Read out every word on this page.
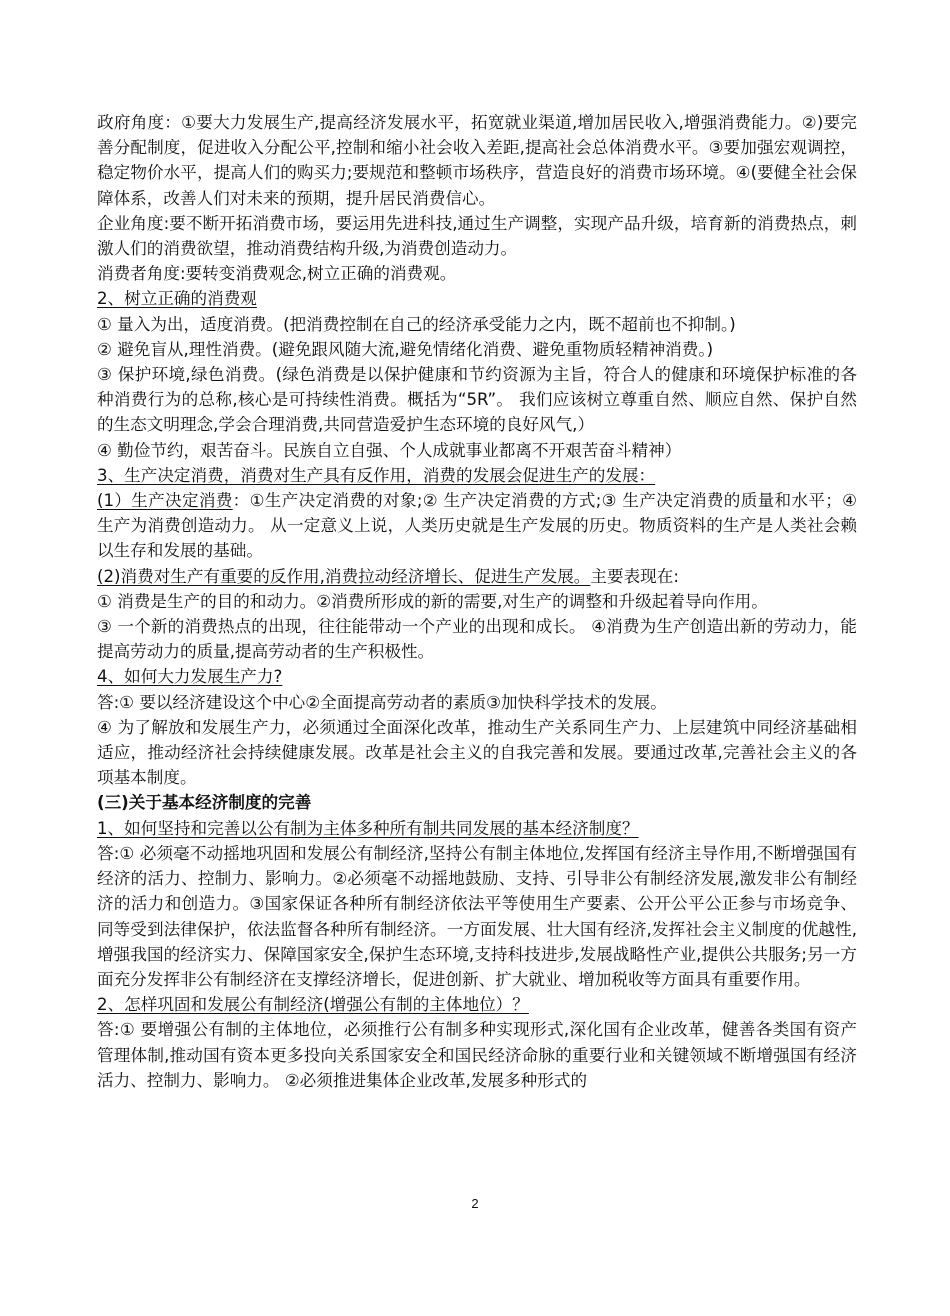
政府角度：①要大力发展生产,提高经济发展水平，拓宽就业渠道,增加居民收入,增强消费能力。②)要完善分配制度，促进收入分配公平,控制和缩小社会收入差距,提高社会总体消费水平。③要加强宏观调控，稳定物价水平，提高人们的购买力;要规范和整顿市场秩序，营造良好的消费市场环境。④(要健全社会保障体系，改善人们对未来的预期，提升居民消费信心。

企业角度:要不断开拓消费市场，要运用先进科技,通过生产调整，实现产品升级，培育新的消费热点，刺激人们的消费欲望，推动消费结构升级,为消费创造动力。

消费者角度:要转变消费观念,树立正确的消费观。

2、树立正确的消费观

① 量入为出，适度消费。(把消费控制在自己的经济承受能力之内，既不超前也不抑制。)

② 避免盲从,理性消费。(避免跟风随大流,避免情绪化消费、避免重物质轻精神消费。)

③ 保护环境,绿色消费。(绿色消费是以保护健康和节约资源为主旨，符合人的健康和环境保护标准的各种消费行为的总称,核心是可持续性消费。概括为“5R”。 我们应该树立尊重自然、顺应自然、保护自然的生态文明理念,学会合理消费,共同营造爱护生态环境的良好风气,）

④ 勤俭节约，艰苦奋斗。民族自立自强、个人成就事业都离不开艰苦奋斗精神）

3、生产决定消费，消费对生产具有反作用，消费的发展会促进生产的发展：

(1）生产决定消费：①生产决定消费的对象;② 生产决定消费的方式;③ 生产决定消费的质量和水平；④生产为消费创造动力。 从一定意义上说，人类历史就是生产发展的历史。物质资料的生产是人类社会赖以生存和发展的基础。

(2)消费对生产有重要的反作用,消费拉动经济增长、促进生产发展。主要表现在:

① 消费是生产的目的和动力。②消费所形成的新的需要,对生产的调整和升级起着导向作用。

③ 一个新的消费热点的出现，往往能带动一个产业的出现和成长。 ④消费为生产创造出新的劳动力，能提高劳动力的质量,提高劳动者的生产积极性。

4、如何大力发展生产力?

答:① 要以经济建设这个中心②全面提高劳动者的素质③加快科学技术的发展。

④ 为了解放和发展生产力，必须通过全面深化改革，推动生产关系同生产力、上层建筑中同经济基础相适应，推动经济社会持续健康发展。改革是社会主义的自我完善和发展。要通过改革,完善社会主义的各项基本制度。

(三)关于基本经济制度的完善

1、如何坚持和完善以公有制为主体多种所有制共同发展的基本经济制度？

答:① 必须毫不动摇地巩固和发展公有制经济,坚持公有制主体地位,发挥国有经济主导作用,不断增强国有经济的活力、控制力、影响力。②必须毫不动摇地鼓励、支持、引导非公有制经济发展,激发非公有制经济的活力和创造力。③国家保证各种所有制经济依法平等使用生产要素、公开公平公正参与市场竞争、同等受到法律保护，依法监督各种所有制经济。一方面发展、壮大国有经济,发挥社会主义制度的优越性,增强我国的经济实力、保障国家安全,保护生态环境,支持科技进步,发展战略性产业,提供公共服务;另一方面充分发挥非公有制经济在支撑经济增长，促进创新、扩大就业、增加税收等方面具有重要作用。

2、怎样巩固和发展公有制经济(增强公有制的主体地位）？

答:① 要增强公有制的主体地位，必须推行公有制多种实现形式,深化国有企业改革，健善各类国有资产管理体制,推动国有资本更多投向关系国家安全和国民经济命脉的重要行业和关键领域不断增强国有经济活力、控制力、影响力。 ②必须推进集体企业改革,发展多种形式的

2
